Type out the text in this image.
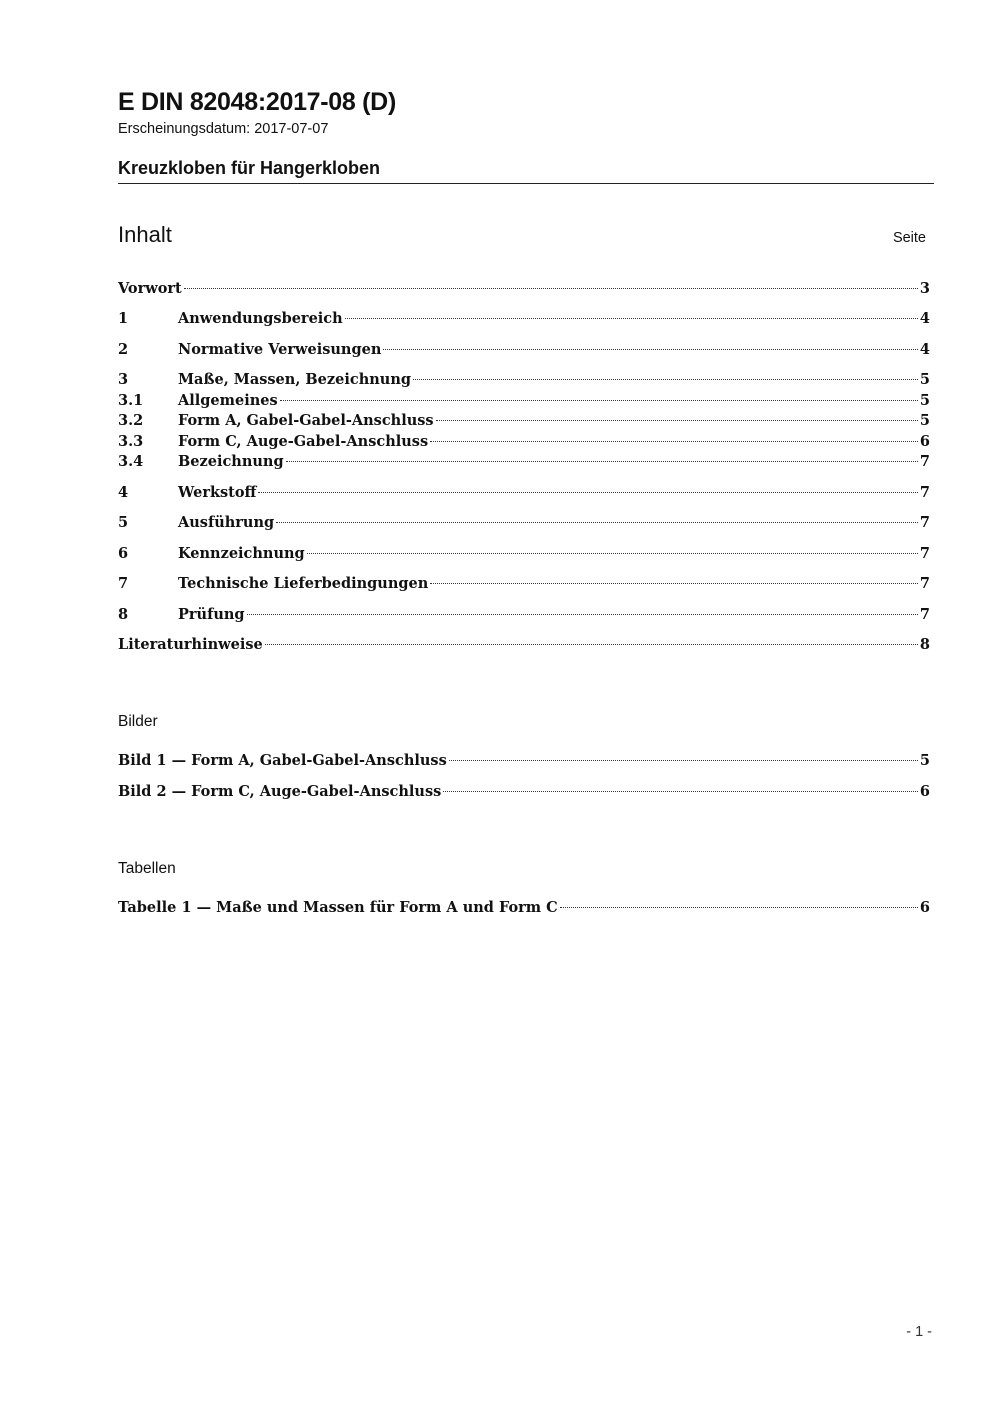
E DIN 82048:2017-08 (D)
Erscheinungsdatum: 2017-07-07
Kreuzkloben für Hangerkloben
Inhalt	Seite
Vorwort	3
1	Anwendungsbereich	4
2	Normative Verweisungen	4
3	Maße, Massen, Bezeichnung	5
3.1	Allgemeines	5
3.2	Form A, Gabel-Gabel-Anschluss	5
3.3	Form C, Auge-Gabel-Anschluss	6
3.4	Bezeichnung	7
4	Werkstoff	7
5	Ausführung	7
6	Kennzeichnung	7
7	Technische Lieferbedingungen	7
8	Prüfung	7
Literaturhinweise	8
Bilder
Bild 1 — Form A, Gabel-Gabel-Anschluss	5
Bild 2 — Form C, Auge-Gabel-Anschluss	6
Tabellen
Tabelle 1 — Maße und Massen für Form A und Form C	6
- 1 -
